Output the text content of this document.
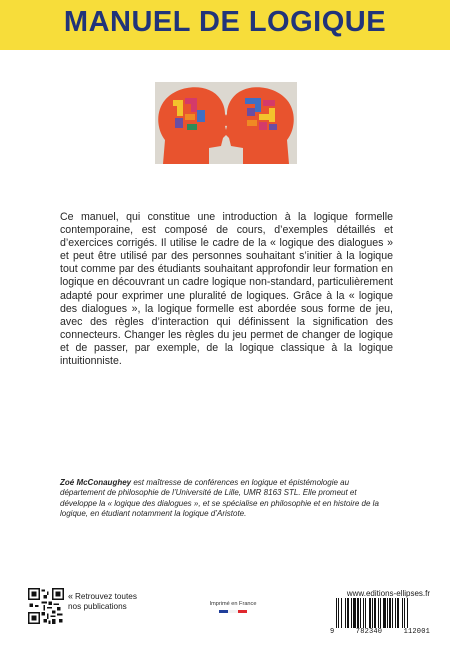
MANUEL DE LOGIQUE

Ce manuel, qui constitue une introduction à la logique formelle contemporaine, est composé de cours, d’exemples détaillés et d’exercices corrigés. Il utilise le cadre de la « logique des dialogues » et peut être utilisé par des personnes souhaitant s’initier à la logique tout comme par des étudiants souhaitant approfondir leur formation en logique en découvrant un cadre logique non-standard, particulièrement adapté pour exprimer une pluralité de logiques. Grâce à la « logique des dialogues », la logique formelle est abordée sous forme de jeu, avec des règles d’interaction qui définissent la signification des connecteurs. Changer les règles du jeu permet de changer de logique et de passer, par exemple, de la logique classique à la logique intuitionniste.

Zoé McConaughey est maîtresse de conférences en logique et épistémologie au département de philosophie de l’Université de Lille, UMR 8163 STL. Elle promeut et développe la « logique des dialogues », et se spécialise en philosophie et en histoire de la logique, en étudiant notamment la logique d’Aristote.

« Retrouvez toutes nos publications	Imprimé en France
www.editions-ellipses.fr
9	782340	112001
